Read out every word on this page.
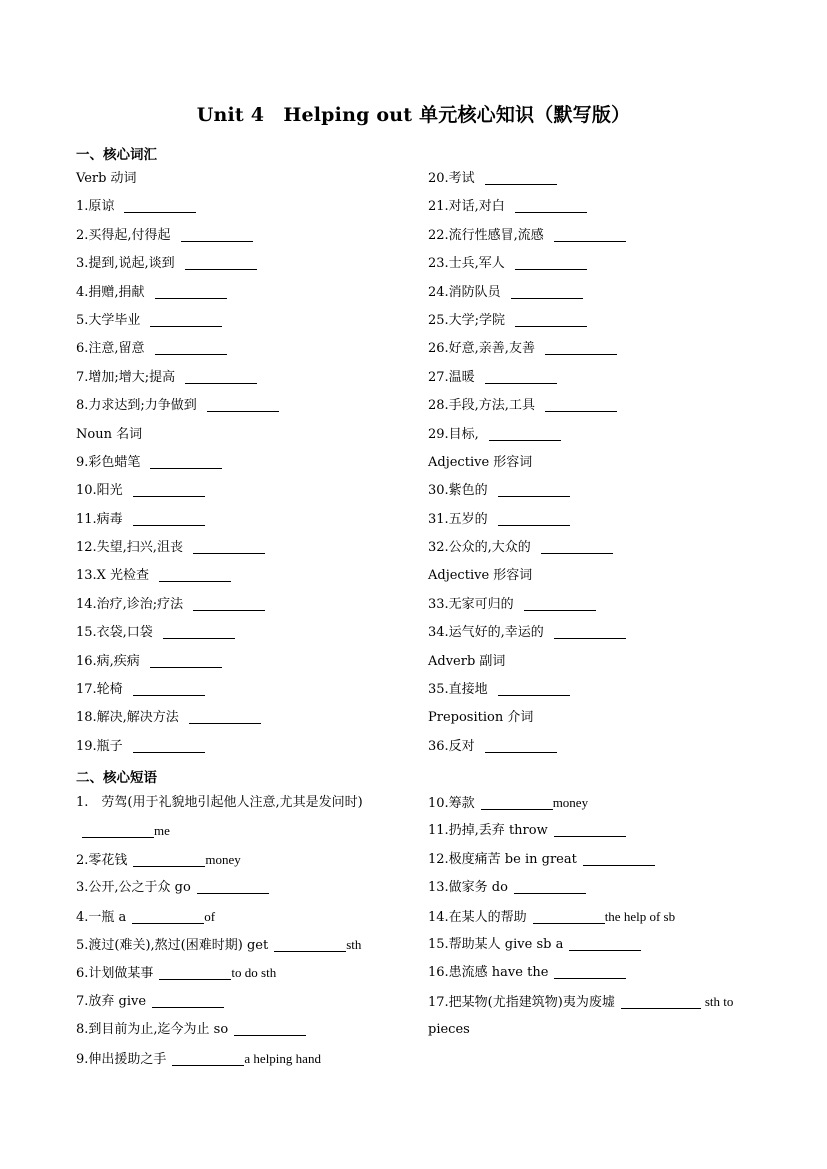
Unit 4　Helping out 单元核心知识（默写版）
一、核心词汇
Verb 动词
1.原谅
2.买得起,付得起
3.提到,说起,谈到
4.捐赠,捐献
5.大学毕业
6.注意,留意
7.增加;增大;提高
8.力求达到;力争做到
Noun 名词
9.彩色蜡笔
10.阳光
11.病毒
12.失望,扫兴,沮丧
13.X 光检查
14.治疗,诊治;疗法
15.衣袋,口袋
16.病,疾病
17.轮椅
18.解决,解决方法
19.瓶子
20.考试
21.对话,对白
22.流行性感冒,流感
23.士兵,军人
24.消防队员
25.大学;学院
26.好意,亲善,友善
27.温暖
28.手段,方法,工具
29.目标,
Adjective 形容词
30.紫色的
31.五岁的
32.公众的,大众的
Adjective 形容词
33.无家可归的
34.运气好的,幸运的
Adverb 副词
35.直接地
Preposition 介词
36.反对
二、核心短语
1.　劳驾(用于礼貌地引起他人注意,尤其是发问时)
me
2.零花钱	money
3.公开,公之于众 go
4.一瓶 a	of
5.渡过(难关),熬过(困难时期) get	sth
6.计划做某事	to do sth
7.放弃 give
8.到目前为止,迄今为止 so
9.伸出援助之手	a helping hand
10.筹款	money
11.扔掉,丢弃 throw
12.极度痛苦 be in great
13.做家务 do
14.在某人的帮助	the help of sb
15.帮助某人 give sb a
16.患流感 have the
17.把某物(尤指建筑物)夷为废墟	sth to
pieces
